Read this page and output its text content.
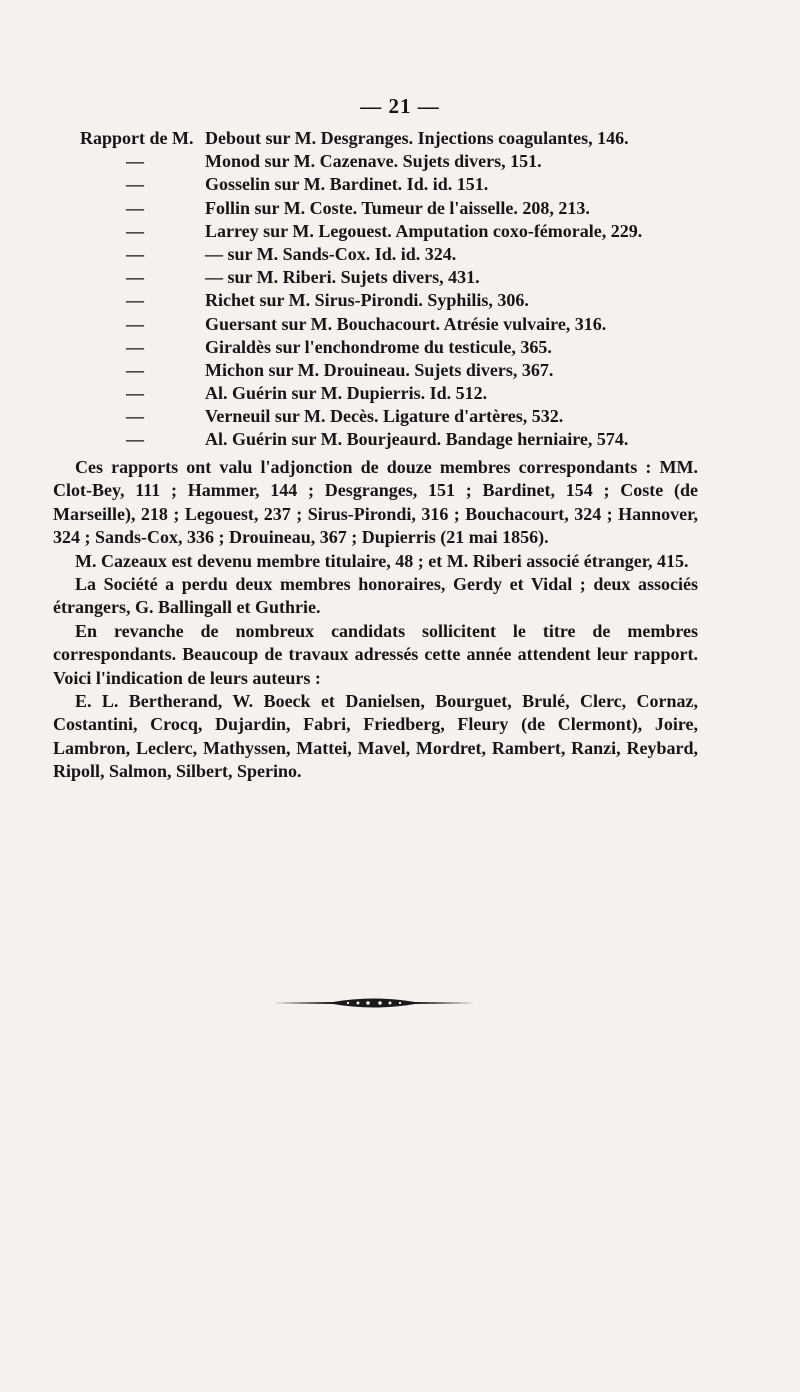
— 21 —
Rapport de M. Debout sur M. Desgranges. Injections coagulantes, 146.
—	Monod sur M. Cazenave. Sujets divers, 151.
—	Gosselin sur M. Bardinet. Id. id. 151.
—	Follin sur M. Coste. Tumeur de l'aisselle. 208, 213.
—	Larrey sur M. Legouest. Amputation coxo-fémorale, 229.
—	— sur M. Sands-Cox. Id. id. 324.
—	— sur M. Riberi. Sujets divers, 431.
—	Richet sur M. Sirus-Pirondi. Syphilis, 306.
—	Guersant sur M. Bouchacourt. Atrésie vulvaire, 316.
—	Giraldès sur l'enchondrome du testicule, 365.
—	Michon sur M. Drouineau. Sujets divers, 367.
—	Al. Guérin sur M. Dupierris. Id. 512.
—	Verneuil sur M. Decès. Ligature d'artères, 532.
—	Al. Guérin sur M. Bourjeaurd. Bandage herniaire, 574.

Ces rapports ont valu l'adjonction de douze membres correspondants : MM. Clot-Bey, 111 ; Hammer, 144 ; Desgranges, 151 ; Bardinet, 154 ; Coste (de Marseille), 218 ; Legouest, 237 ; Sirus-Pirondi, 316 ; Bouchacourt, 324 ; Hannover, 324 ; Sands-Cox, 336 ; Drouineau, 367 ; Dupierris (21 mai 1856).

M. Cazeaux est devenu membre titulaire, 48 ; et M. Riberi associé étranger, 415.

La Société a perdu deux membres honoraires, Gerdy et Vidal ; deux associés étrangers, G. Ballingall et Guthrie.

En revanche de nombreux candidats sollicitent le titre de membres correspondants. Beaucoup de travaux adressés cette année attendent leur rapport. Voici l'indication de leurs auteurs :

E. L. Bertherand, W. Boeck et Danielsen, Bourguet, Brulé, Clerc, Cornaz, Costantini, Crocq, Dujardin, Fabri, Friedberg, Fleury (de Clermont), Joire, Lambron, Leclerc, Mathyssen, Mattei, Mavel, Mordret, Rambert, Ranzi, Reybard, Ripoll, Salmon, Silbert, Sperino.
